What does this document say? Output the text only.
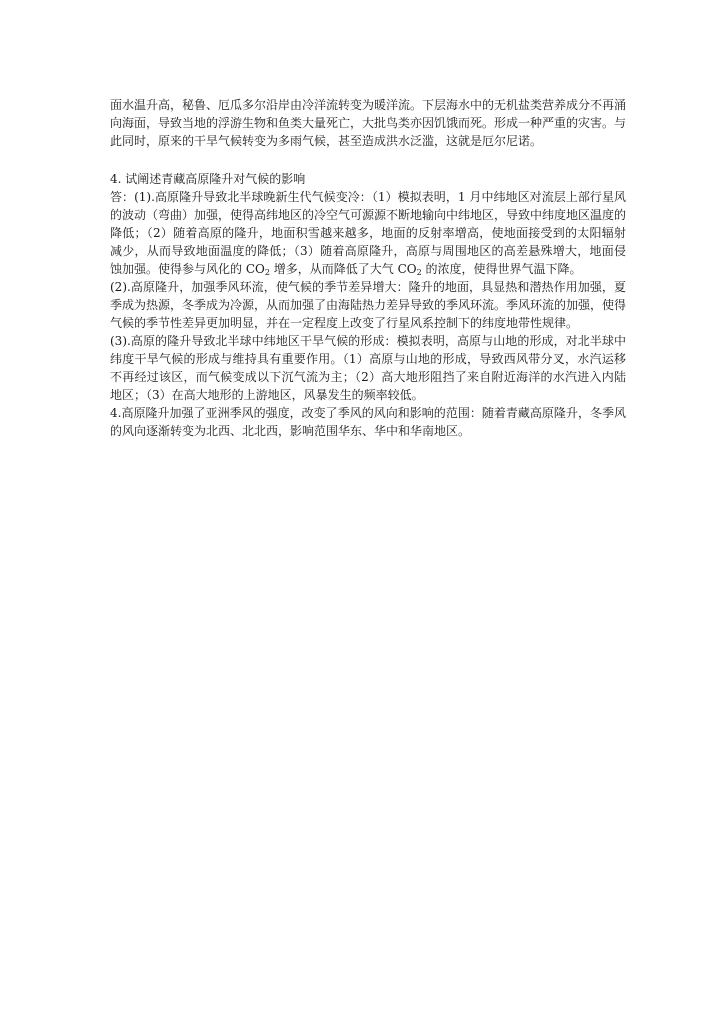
面水温升高，秘鲁、厄瓜多尔沿岸由冷洋流转变为暖洋流。下层海水中的无机盐类营养成分不再涌向海面，导致当地的浮游生物和鱼类大量死亡，大批鸟类亦因饥饿而死。形成一种严重的灾害。与此同时，原来的干旱气候转变为多雨气候，甚至造成洪水泛滥，这就是厄尔尼诺。

4. 试阐述青藏高原隆升对气候的影响

答：(1).高原隆升导致北半球晚新生代气候变冷：（1）模拟表明，1 月中纬地区对流层上部行星风的波动（弯曲）加强，使得高纬地区的冷空气可源源不断地输向中纬地区，导致中纬度地区温度的降低；（2）随着高原的隆升，地面积雪越来越多，地面的反射率增高，使地面接受到的太阳辐射减少，从而导致地面温度的降低；（3）随着高原隆升，高原与周围地区的高差悬殊增大，地面侵蚀加强。使得参与风化的 $CO_2$ 增多，从而降低了大气 $CO_2$ 的浓度，使得世界气温下降。

(2).高原隆升，加强季风环流，使气候的季节差异增大：隆升的地面，具显热和潜热作用加强，夏季成为热源，冬季成为冷源，从而加强了由海陆热力差异导致的季风环流。季风环流的加强，使得气候的季节性差异更加明显，并在一定程度上改变了行星风系控制下的纬度地带性规律。

(3).高原的隆升导致北半球中纬地区干旱气候的形成：模拟表明，高原与山地的形成，对北半球中纬度干旱气候的形成与维持具有重要作用。（1）高原与山地的形成，导致西风带分叉，水汽运移不再经过该区，而气候变成以下沉气流为主；（2）高大地形阻挡了来自附近海洋的水汽进入内陆地区；（3）在高大地形的上游地区，风暴发生的频率较低。

4.高原隆升加强了亚洲季风的强度，改变了季风的风向和影响的范围：随着青藏高原隆升，冬季风的风向逐渐转变为北西、北北西，影响范围华东、华中和华南地区。
